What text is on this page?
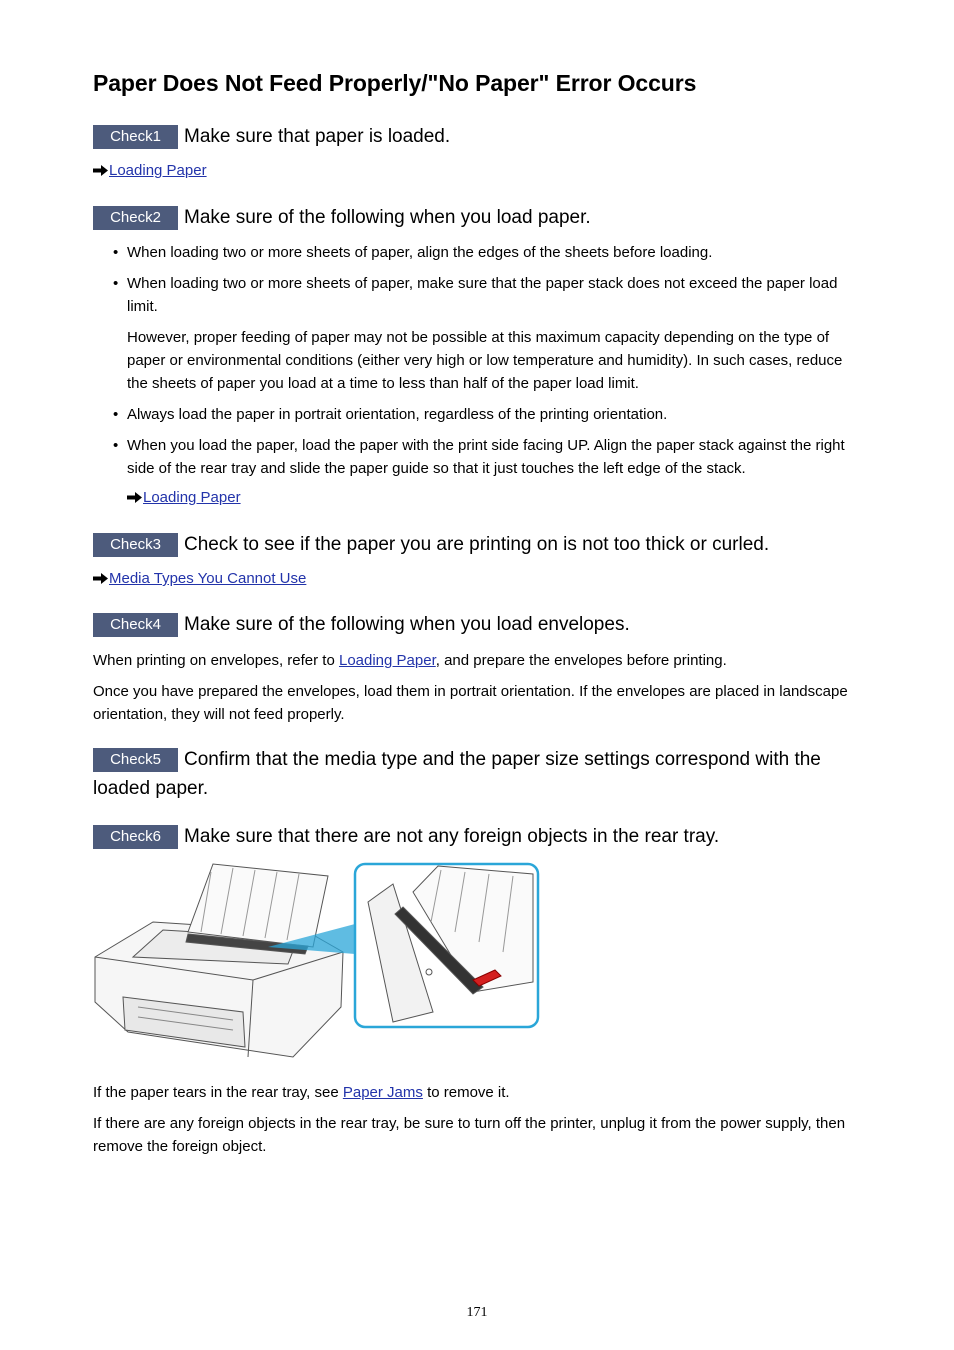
Paper Does Not Feed Properly/"No Paper" Error Occurs
Check1 Make sure that paper is loaded.
Loading Paper
Check2 Make sure of the following when you load paper.
• When loading two or more sheets of paper, align the edges of the sheets before loading.
• When loading two or more sheets of paper, make sure that the paper stack does not exceed the paper load limit.

However, proper feeding of paper may not be possible at this maximum capacity depending on the type of paper or environmental conditions (either very high or low temperature and humidity). In such cases, reduce the sheets of paper you load at a time to less than half of the paper load limit.

• Always load the paper in portrait orientation, regardless of the printing orientation.
• When you load the paper, load the paper with the print side facing UP. Align the paper stack against the right side of the rear tray and slide the paper guide so that it just touches the left edge of the stack.
Loading Paper
Check3 Check to see if the paper you are printing on is not too thick or curled.
Media Types You Cannot Use
Check4 Make sure of the following when you load envelopes.
When printing on envelopes, refer to Loading Paper, and prepare the envelopes before printing.
Once you have prepared the envelopes, load them in portrait orientation. If the envelopes are placed in landscape orientation, they will not feed properly.
Check5 Confirm that the media type and the paper size settings correspond with the loaded paper.
Check6 Make sure that there are not any foreign objects in the rear tray.
If the paper tears in the rear tray, see Paper Jams to remove it.
If there are any foreign objects in the rear tray, be sure to turn off the printer, unplug it from the power supply, then remove the foreign object.
171
